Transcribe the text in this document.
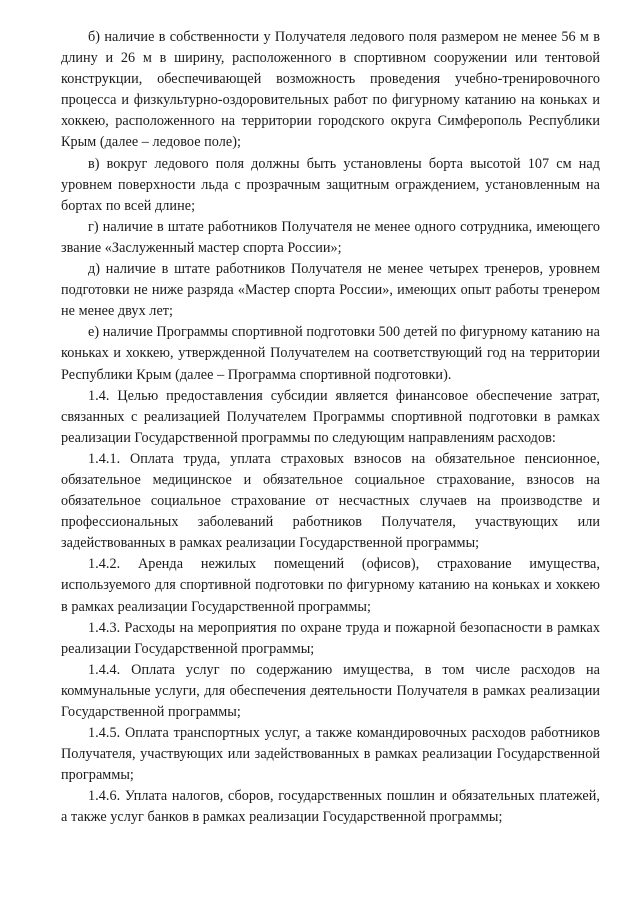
б) наличие в собственности у Получателя ледового поля размером не менее 56 м в длину и 26 м в ширину, расположенного в спортивном сооружении или тентовой конструкции, обеспечивающей возможность проведения учебно-тренировочного процесса и физкультурно-оздоровительных работ по фигурному катанию на коньках и хоккею, расположенного на территории городского округа Симферополь Республики Крым (далее – ледовое поле);

в) вокруг ледового поля должны быть установлены борта высотой 107 см над уровнем поверхности льда с прозрачным защитным ограждением, установленным на бортах по всей длине;

г) наличие в штате работников Получателя не менее одного сотрудника, имеющего звание «Заслуженный мастер спорта России»;

д) наличие в штате работников Получателя не менее четырех тренеров, уровнем подготовки не ниже разряда «Мастер спорта России», имеющих опыт работы тренером не менее двух лет;

е) наличие Программы спортивной подготовки 500 детей по фигурному катанию на коньках и хоккею, утвержденной Получателем на соответствующий год на территории Республики Крым (далее – Программа спортивной подготовки).

1.4. Целью предоставления субсидии является финансовое обеспечение затрат, связанных с реализацией Получателем Программы спортивной подготовки в рамках реализации Государственной программы по следующим направлениям расходов:

1.4.1. Оплата труда, уплата страховых взносов на обязательное пенсионное, обязательное медицинское и обязательное социальное страхование, взносов на обязательное социальное страхование от несчастных случаев на производстве и профессиональных заболеваний работников Получателя, участвующих или задействованных в рамках реализации Государственной программы;

1.4.2. Аренда нежилых помещений (офисов), страхование имущества, используемого для спортивной подготовки по фигурному катанию на коньках и хоккею в рамках реализации Государственной программы;

1.4.3. Расходы на мероприятия по охране труда и пожарной безопасности в рамках реализации Государственной программы;

1.4.4. Оплата услуг по содержанию имущества, в том числе расходов на коммунальные услуги, для обеспечения деятельности Получателя в рамках реализации Государственной программы;

1.4.5. Оплата транспортных услуг, а также командировочных расходов работников Получателя, участвующих или задействованных в рамках реализации Государственной программы;

1.4.6. Уплата налогов, сборов, государственных пошлин и обязательных платежей, а также услуг банков в рамках реализации Государственной программы;
